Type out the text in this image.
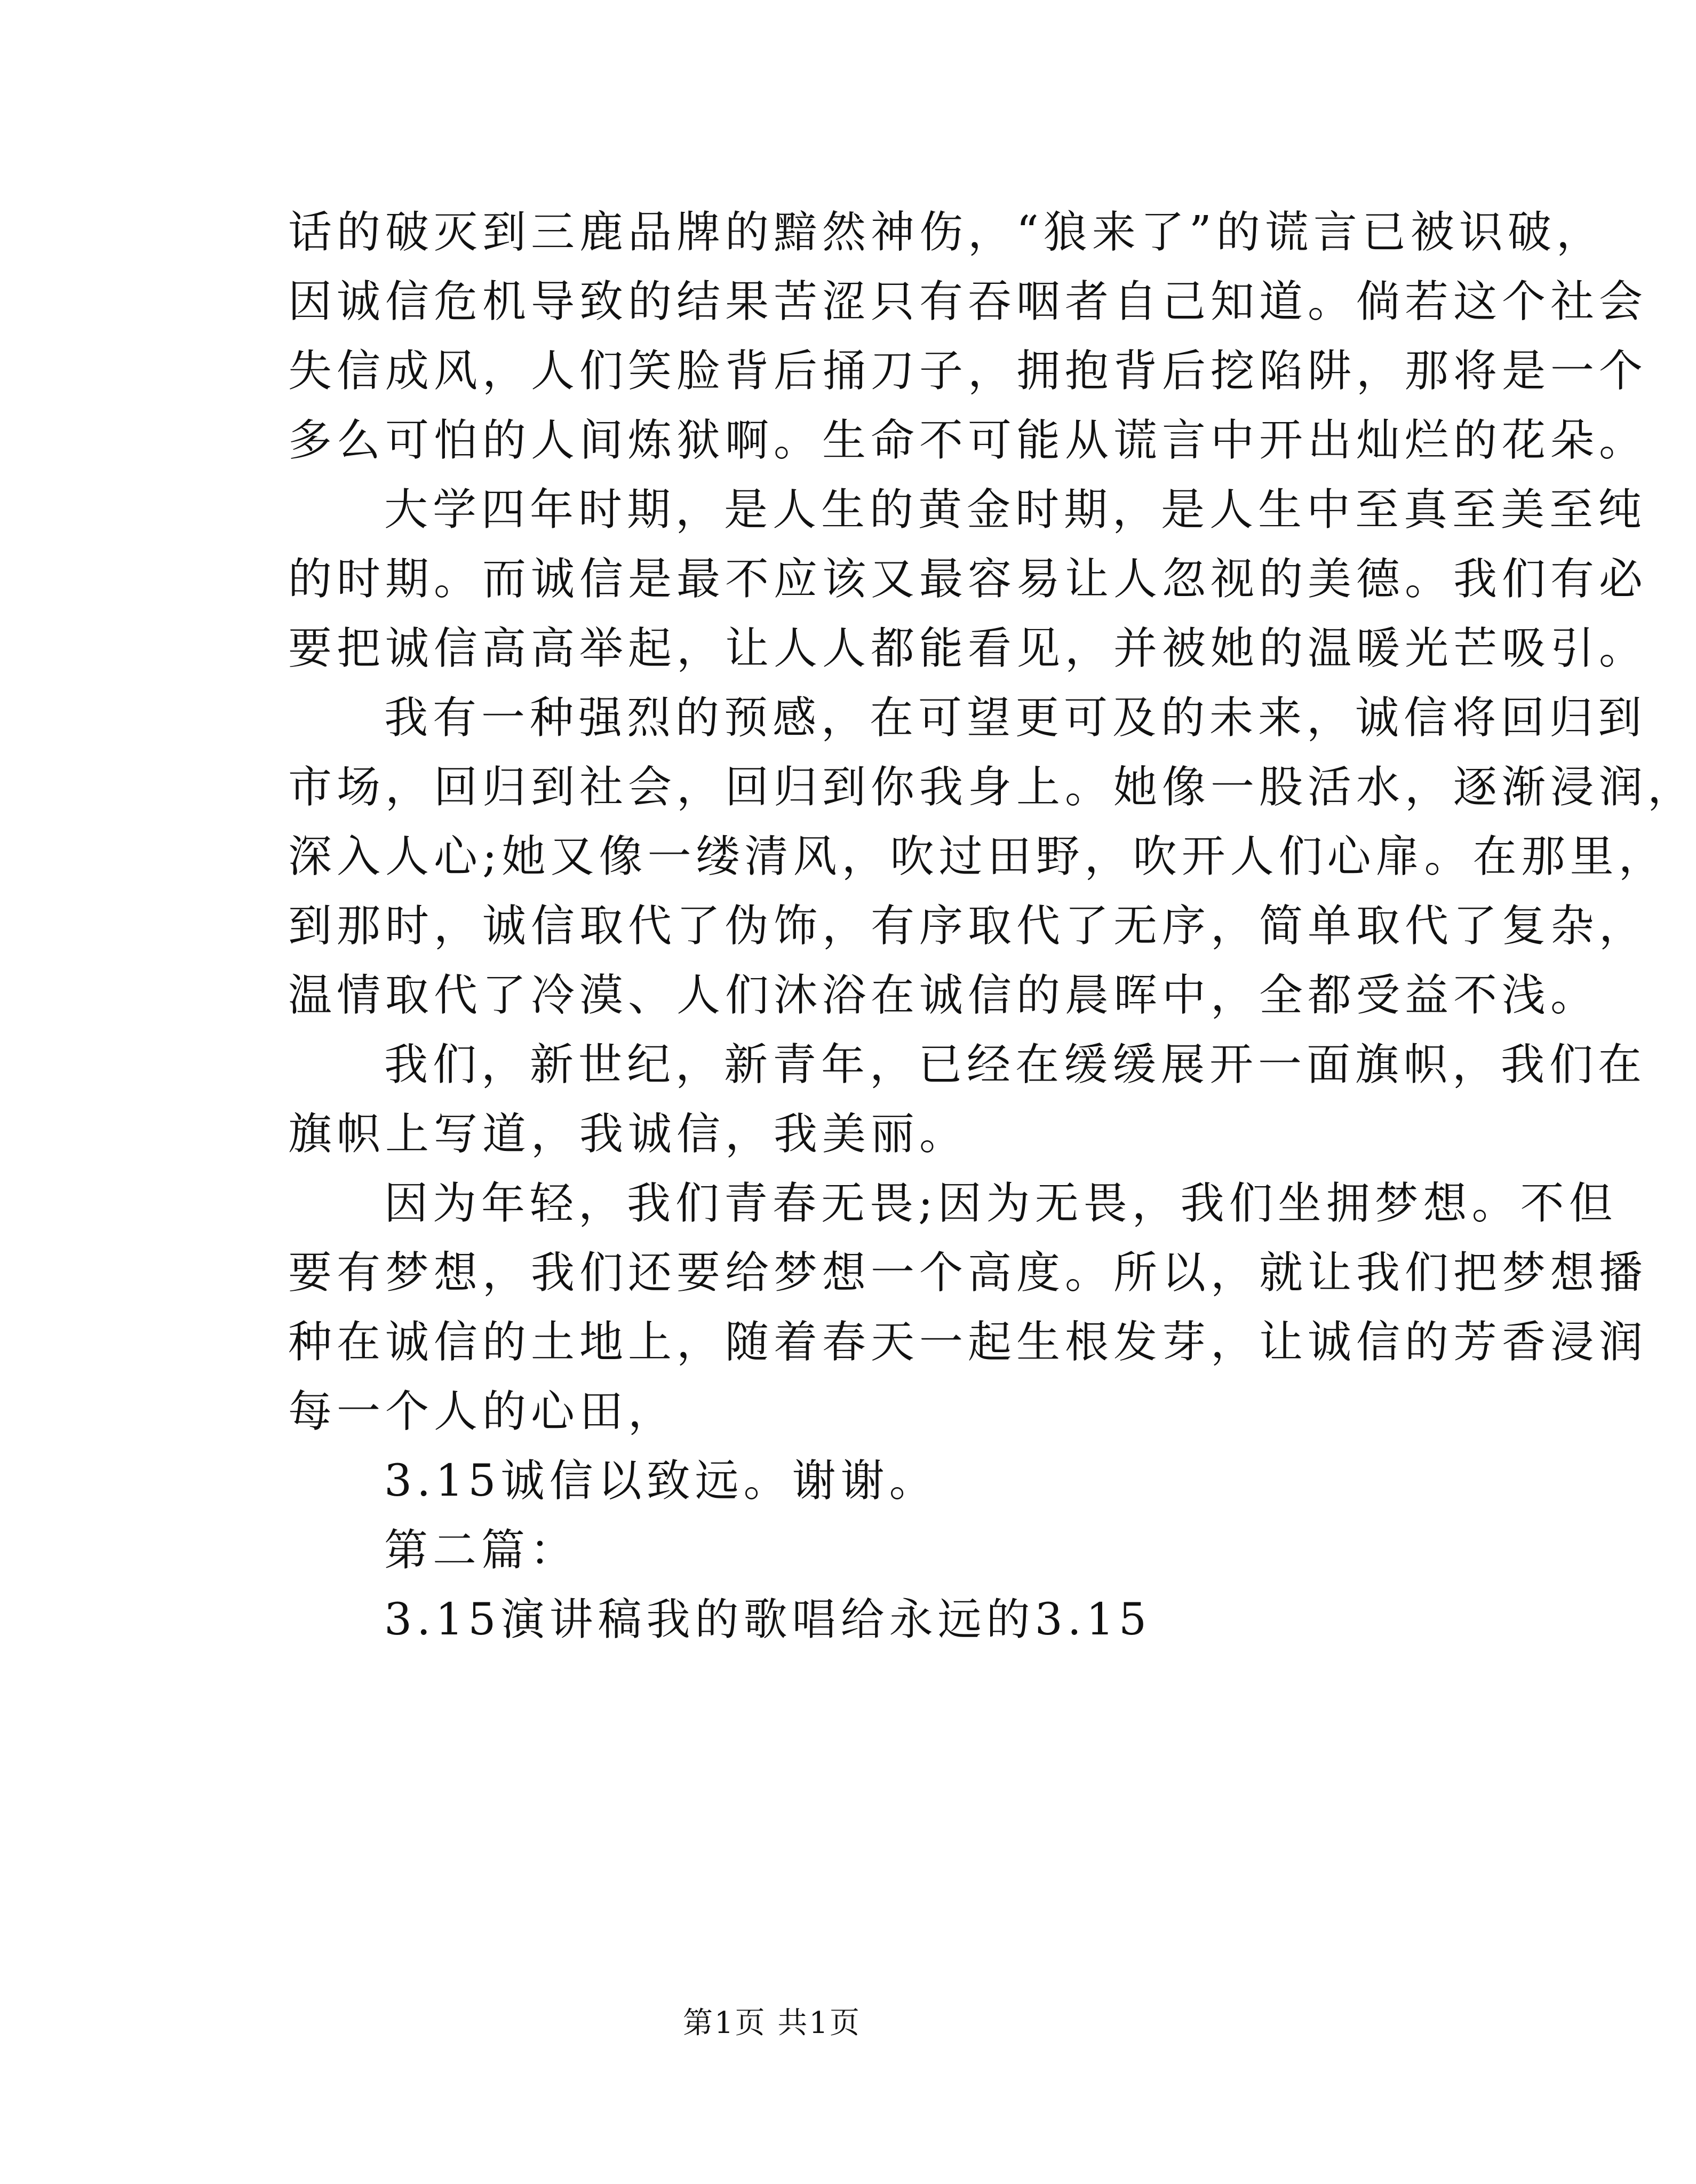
话的破灭到三鹿品牌的黯然神伤，“狼来了”的谎言已被识破，
因诚信危机导致的结果苦涩只有吞咽者自己知道。倘若这个社会
失信成风，人们笑脸背后捅刀子，拥抱背后挖陷阱，那将是一个
多么可怕的人间炼狱啊。生命不可能从谎言中开出灿烂的花朵。
大学四年时期，是人生的黄金时期，是人生中至真至美至纯
的时期。而诚信是最不应该又最容易让人忽视的美德。我们有必
要把诚信高高举起，让人人都能看见，并被她的温暖光芒吸引。
我有一种强烈的预感，在可望更可及的未来，诚信将回归到
市场，回归到社会，回归到你我身上。她像一股活水，逐渐浸润，
深入人心;她又像一缕清风，吹过田野，吹开人们心扉。在那里，
到那时，诚信取代了伪饰，有序取代了无序，简单取代了复杂，
温情取代了冷漠、人们沐浴在诚信的晨晖中，全都受益不浅。
我们，新世纪，新青年，已经在缓缓展开一面旗帜，我们在
旗帜上写道，我诚信，我美丽。
因为年轻，我们青春无畏;因为无畏，我们坐拥梦想。不但
要有梦想，我们还要给梦想一个高度。所以，就让我们把梦想播
种在诚信的土地上，随着春天一起生根发芽，让诚信的芳香浸润
每一个人的心田，
3.15诚信以致远。谢谢。
第二篇：
3.15演讲稿我的歌唱给永远的3.15
第1页 共1页
